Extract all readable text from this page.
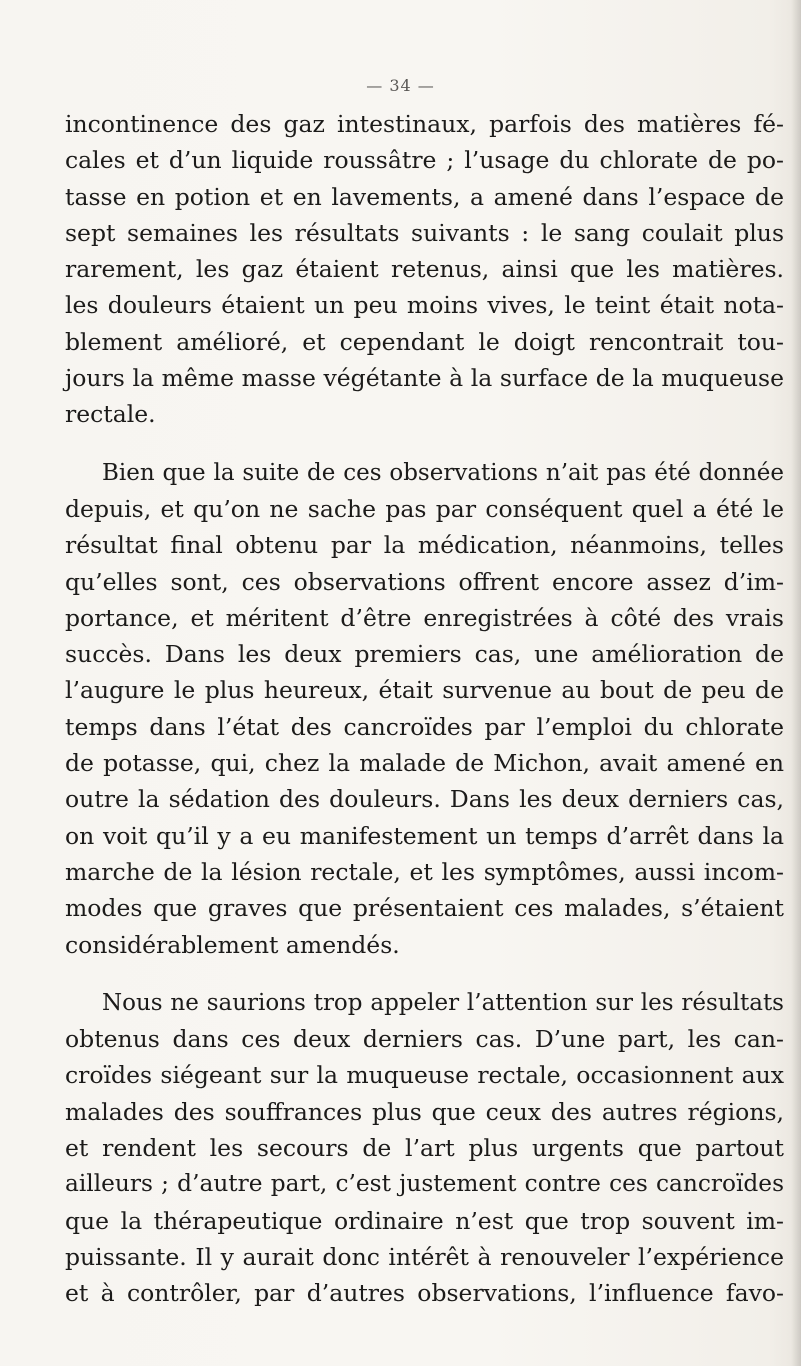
— 34 —

incontinence des gaz intestinaux, parfois des matières fé-
cales et d’un liquide roussâtre ; l’usage du chlorate de po-
tasse en potion et en lavements, a amené dans l’espace de
sept semaines les résultats suivants : le sang coulait plus
rarement, les gaz étaient retenus, ainsi que les matières.
les douleurs étaient un peu moins vives, le teint était nota-
blement amélioré, et cependant le doigt rencontrait tou-
jours la même masse végétante à la surface de la muqueuse
rectale.

Bien que la suite de ces observations n’ait pas été donnée
depuis, et qu’on ne sache pas par conséquent quel a été le
résultat final obtenu par la médication, néanmoins, telles
qu’elles sont, ces observations offrent encore assez d’im-
portance, et méritent d’être enregistrées à côté des vrais
succès. Dans les deux premiers cas, une amélioration de
l’augure le plus heureux, était survenue au bout de peu de
temps dans l’état des cancroïdes par l’emploi du chlorate
de potasse, qui, chez la malade de Michon, avait amené en
outre la sédation des douleurs. Dans les deux derniers cas,
on voit qu’il y a eu manifestement un temps d’arrêt dans la
marche de la lésion rectale, et les symptômes, aussi incom-
modes que graves que présentaient ces malades, s’étaient
considérablement amendés.

Nous ne saurions trop appeler l’attention sur les résultats
obtenus dans ces deux derniers cas. D’une part, les can-
croïdes siégeant sur la muqueuse rectale, occasionnent aux
malades des souffrances plus que ceux des autres régions,
et rendent les secours de l’art plus urgents que partout
ailleurs ; d’autre part, c’est justement contre ces cancroïdes
que la thérapeutique ordinaire n’est que trop souvent im-
puissante. Il y aurait donc intérêt à renouveler l’expérience
et à contrôler, par d’autres observations, l’influence favo-
